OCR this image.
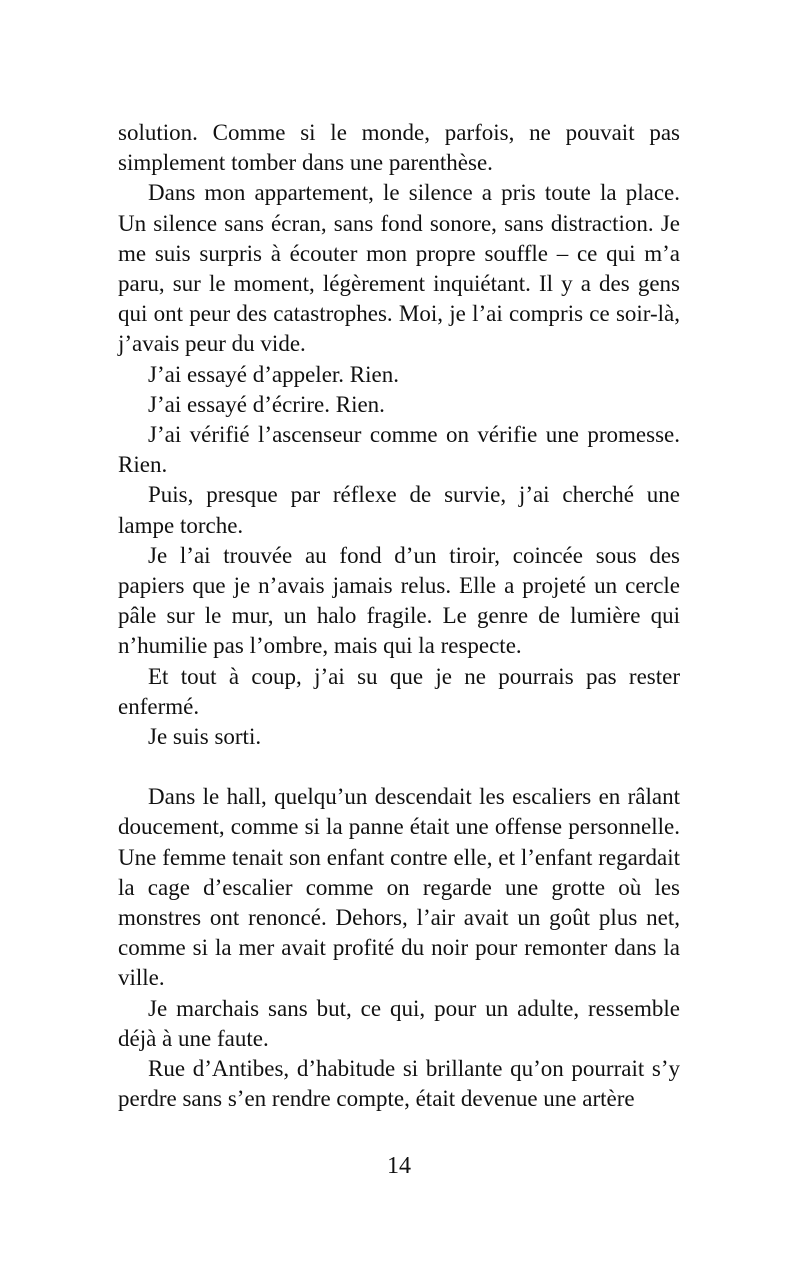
solution. Comme si le monde, parfois, ne pouvait pas simplement tomber dans une parenthèse.

Dans mon appartement, le silence a pris toute la place. Un silence sans écran, sans fond sonore, sans distraction. Je me suis surpris à écouter mon propre souffle – ce qui m’a paru, sur le moment, légèrement inquiétant. Il y a des gens qui ont peur des catastrophes. Moi, je l’ai compris ce soir-là, j’avais peur du vide.

J’ai essayé d’appeler. Rien.

J’ai essayé d’écrire. Rien.

J’ai vérifié l’ascenseur comme on vérifie une promesse. Rien.

Puis, presque par réflexe de survie, j’ai cherché une lampe torche.

Je l’ai trouvée au fond d’un tiroir, coincée sous des papiers que je n’avais jamais relus. Elle a projeté un cercle pâle sur le mur, un halo fragile. Le genre de lumière qui n’humilie pas l’ombre, mais qui la respecte.

Et tout à coup, j’ai su que je ne pourrais pas rester enfermé.

Je suis sorti.

Dans le hall, quelqu’un descendait les escaliers en râlant doucement, comme si la panne était une offense personnelle. Une femme tenait son enfant contre elle, et l’enfant regardait la cage d’escalier comme on regarde une grotte où les monstres ont renoncé. Dehors, l’air avait un goût plus net, comme si la mer avait profité du noir pour remonter dans la ville.

Je marchais sans but, ce qui, pour un adulte, ressemble déjà à une faute.

Rue d’Antibes, d’habitude si brillante qu’on pourrait s’y perdre sans s’en rendre compte, était devenue une artère

14
